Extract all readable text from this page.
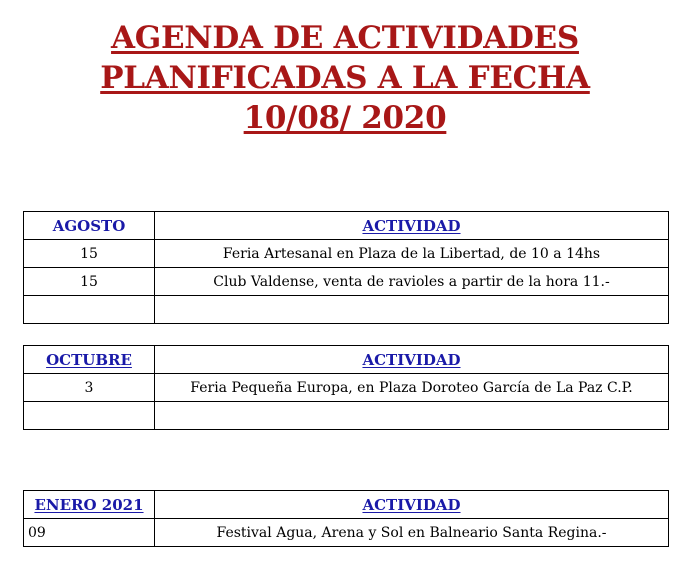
AGENDA DE ACTIVIDADES
PLANIFICADAS A LA FECHA
10/08/ 2020
AGOSTO	ACTIVIDAD
15	Feria Artesanal en Plaza de la Libertad, de 10 a 14hs
15	Club Valdense, venta de ravioles a partir de la hora 11.-

OCTUBRE	ACTIVIDAD
3	Feria Pequeña Europa, en Plaza Doroteo García de La Paz C.P.

ENERO 2021	ACTIVIDAD
09	Festival Agua, Arena y Sol en Balneario Santa Regina.-
